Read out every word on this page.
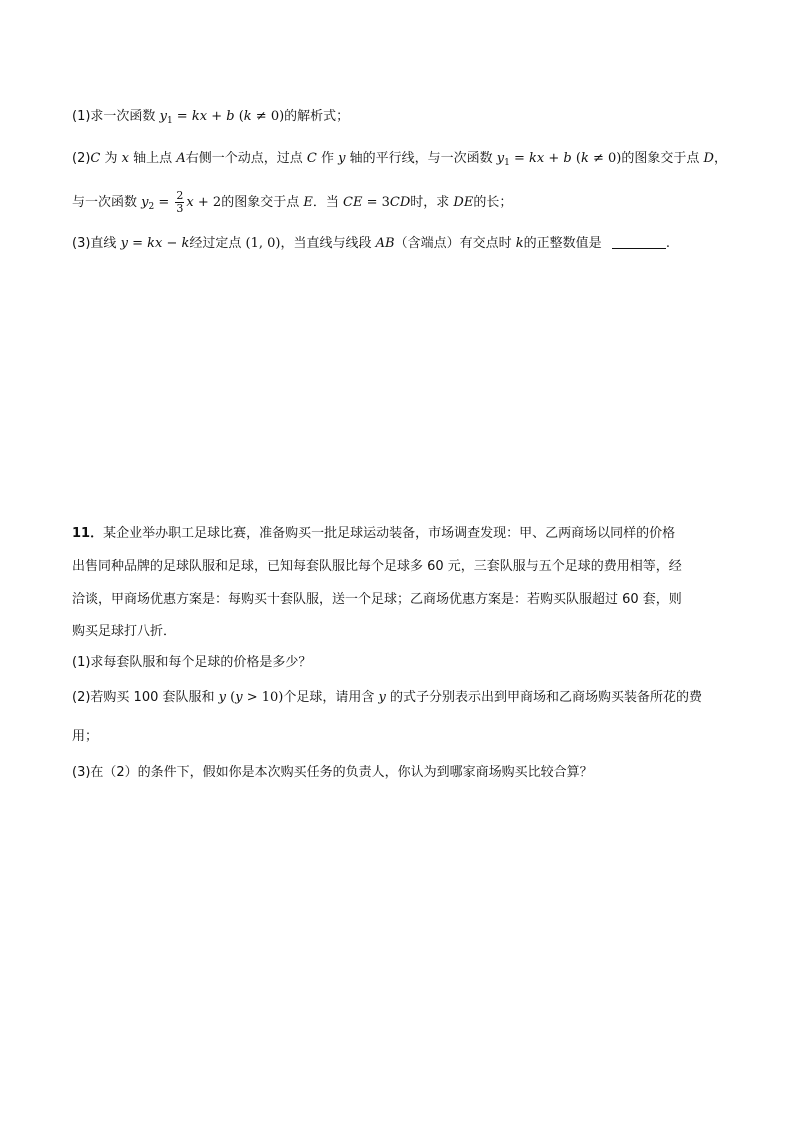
(1)求一次函数 $y_1$ = kx + b (k ≠ 0)的解析式；
(2)C 为 x 轴上点 A右侧一个动点，过点 C 作 y 轴的平行线，与一次函数 $y_1$ = kx + b (k ≠ 0)的图象交于点 D，
与一次函数 $y_2 = \frac{2}{3}$ x + 2的图象交于点 E．当 CE = 3CD时，求 DE的长；
(3)直线 y = kx − k经过定点 (1, 0)，当直线与线段 AB（含端点）有交点时 k的正整数值是	.
11．某企业举办职工足球比赛，准备购买一批足球运动装备，市场调查发现：甲、乙两商场以同样的价格
出售同种品牌的足球队服和足球，已知每套队服比每个足球多 60 元，三套队服与五个足球的费用相等，经
洽谈，甲商场优惠方案是：每购买十套队服，送一个足球；乙商场优惠方案是：若购买队服超过 60 套，则
购买足球打八折．
(1)求每套队服和每个足球的价格是多少？
(2)若购买 100 套队服和 y (y > 10)个足球，请用含 y 的式子分别表示出到甲商场和乙商场购买装备所花的费
用；
(3)在（2）的条件下，假如你是本次购买任务的负责人，你认为到哪家商场购买比较合算？
